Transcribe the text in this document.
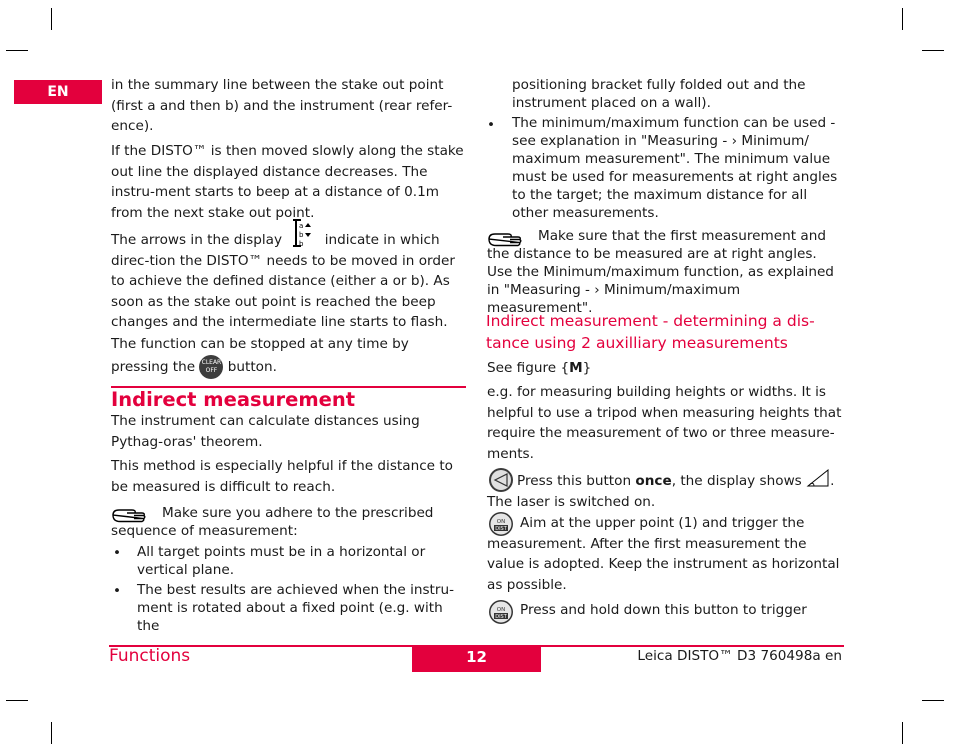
EN	in the summary line between the stake out point (first a and then b) and the instrument (rear refer-ence).
If the DISTO™ is then moved slowly along the stake out line the displayed distance decreases. The instru-ment starts to beep at a distance of 0.1m from the next stake out point.
The arrows in the display
a
b
b indicate in which direc-tion the DISTO™ needs to be moved in order to achieve the defined distance (either a or b). As soon as the stake out point is reached the beep changes and the intermediate line starts to flash.
The function can be stopped at any time by pressing the CLEAR
OFF button.
Indirect measurement
The instrument can calculate distances using Pythag-oras' theorem.
This method is especially helpful if the distance to be measured is difficult to reach.
Make sure you adhere to the prescribed sequence of measurement:
• All target points must be in a horizontal or vertical plane.
• The best results are achieved when the instru-ment is rotated about a fixed point (e.g. with the
positioning bracket fully folded out and the instrument placed on a wall).
• The minimum/maximum function can be used - see explanation in "Measuring - › Minimum/ maximum measurement". The minimum value must be used for measurements at right angles to the target; the maximum distance for all other measurements.
Make sure that the first measurement and the distance to be measured are at right angles. Use the Minimum/maximum function, as explained in "Measuring - › Minimum/maximum measurement".
Indirect measurement - determining a dis-tance using 2 auxilliary measurements
See figure {M}
e.g. for measuring building heights or widths. It is helpful to use a tripod when measuring heights that require the measurement of two or three measure-ments.
Press this button once, the display shows . The laser is switched on.
ON
DIST Aim at the upper point (1) and trigger the measurement. After the first measurement the value is adopted. Keep the instrument as horizontal as possible.
ON
DIST Press and hold down this button to trigger
Functions	12	Leica DISTO™ D3 760498a en
